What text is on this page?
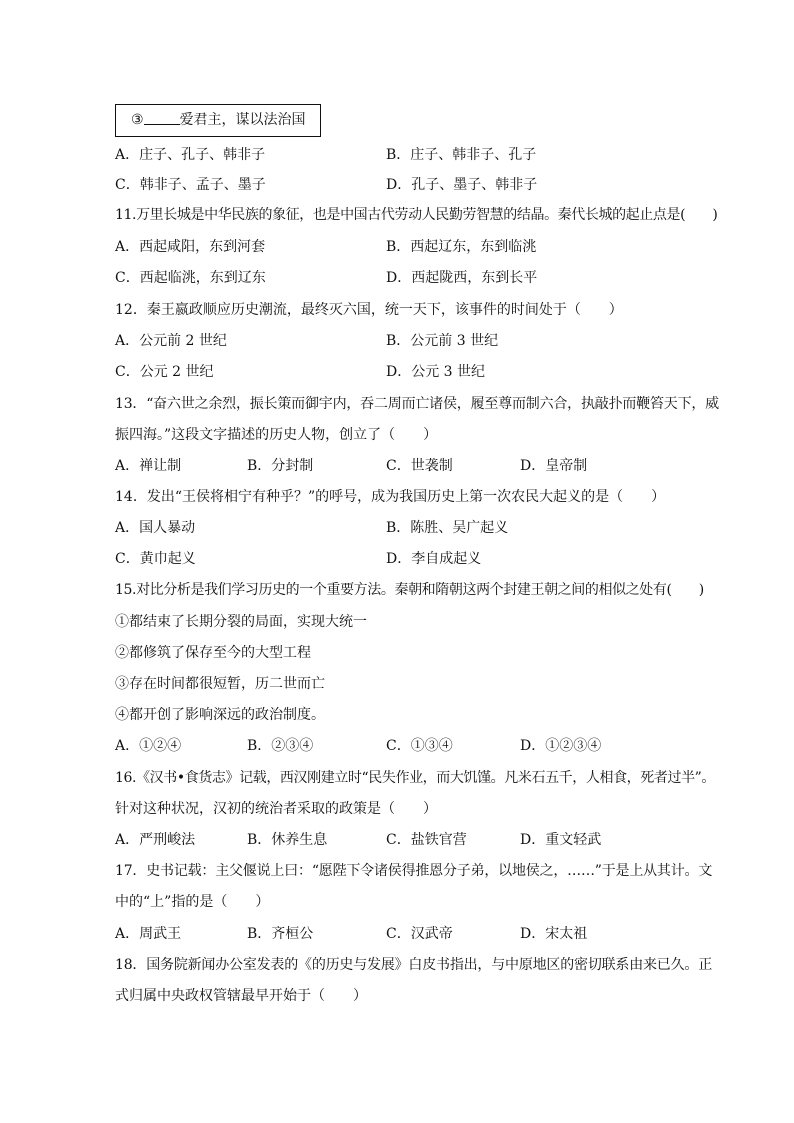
③	爱君主，谋以法治国
A．庄子、孔子、韩非子	B．庄子、韩非子、孔子
C．韩非子、孟子、墨子	D．孔子、墨子、韩非子
11.万里长城是中华民族的象征，也是中国古代劳动人民勤劳智慧的结晶。秦代长城的起止点是(　　)
A．西起咸阳，东到河套	B．西起辽东，东到临洮
C．西起临洮，东到辽东	D．西起陇西，东到长平
12．秦王嬴政顺应历史潮流，最终灭六国，统一天下，该事件的时间处于（　　）
A．公元前 2 世纪	B．公元前 3 世纪
C．公元 2 世纪	D．公元 3 世纪
13．“奋六世之余烈，振长策而御宇内，吞二周而亡诸侯，履至尊而制六合，执敲扑而鞭笞天下，威
振四海。”这段文字描述的历史人物，创立了（　　）
A．禅让制	B．分封制	C．世袭制	D．皇帝制
14．发出“王侯将相宁有种乎？”的呼号，成为我国历史上第一次农民大起义的是（　　）
A．国人暴动	B．陈胜、吴广起义
C．黄巾起义	D．李自成起义
15.对比分析是我们学习历史的一个重要方法。秦朝和隋朝这两个封建王朝之间的相似之处有(　　)
①都结束了长期分裂的局面，实现大统一
②都修筑了保存至今的大型工程
③存在时间都很短暂，历二世而亡
④都开创了影响深远的政治制度。
A．①②④	B．②③④	C．①③④	D．①②③④
16.《汉书•食货志》记载，西汉刚建立时“民失作业，而大饥馑。凡米石五千，人相食，死者过半”。
针对这种状况，汉初的统治者采取的政策是（　　）
A．严刑峻法	B．休养生息	C．盐铁官营	D．重文轻武
17．史书记载：主父偃说上曰：“愿陛下令诸侯得推恩分子弟，以地侯之，……”于是上从其计。文
中的“上”指的是（　　）
A．周武王	B．齐桓公	C．汉武帝	D．宋太祖
18．国务院新闻办公室发表的《的历史与发展》白皮书指出，与中原地区的密切联系由来已久。正
式归属中央政权管辖最早开始于（　　）
